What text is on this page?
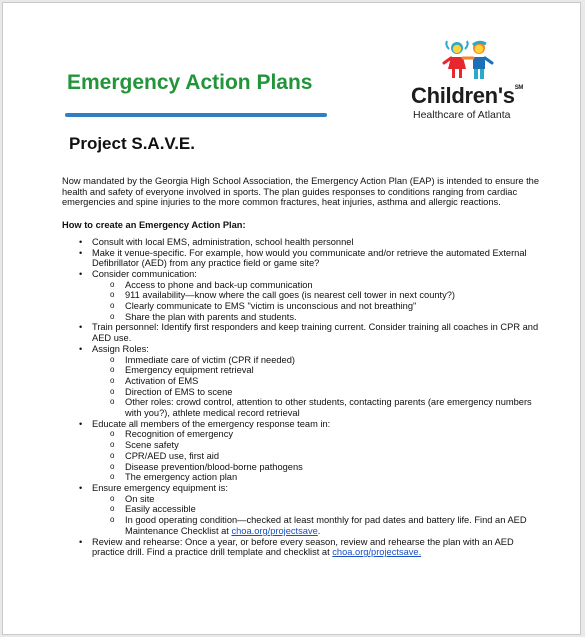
Emergency Action Plans
Children's℠
Healthcare of Atlanta
Project S.A.V.E.

Now mandated by the Georgia High School Association, the Emergency Action Plan (EAP) is intended to ensure the health and safety of everyone involved in sports. The plan guides responses to conditions ranging from cardiac emergencies and spine injuries to the more common fractures, heat injuries, asthma and allergic reactions.

How to create an Emergency Action Plan:
• Consult with local EMS, administration, school health personnel
• Make it venue-specific. For example, how would you communicate and/or retrieve the automated External Defibrillator (AED) from any practice field or game site?
• Consider communication:
o Access to phone and back-up communication
o 911 availability—know where the call goes (is nearest cell tower in next county?)
o Clearly communicate to EMS "victim is unconscious and not breathing"
o Share the plan with parents and students.
• Train personnel: Identify first responders and keep training current. Consider training all coaches in CPR and AED use.
• Assign Roles:
o Immediate care of victim (CPR if needed)
o Emergency equipment retrieval
o Activation of EMS
o Direction of EMS to scene
o Other roles: crowd control, attention to other students, contacting parents (are emergency numbers with you?), athlete medical record retrieval
• Educate all members of the emergency response team in:
o Recognition of emergency
o Scene safety
o CPR/AED use, first aid
o Disease prevention/blood-borne pathogens
o The emergency action plan
• Ensure emergency equipment is:
o On site
o Easily accessible
o In good operating condition—checked at least monthly for pad dates and battery life. Find an AED Maintenance Checklist at choa.org/projectsave.
• Review and rehearse: Once a year, or before every season, review and rehearse the plan with an AED practice drill. Find a practice drill template and checklist at choa.org/projectsave.
